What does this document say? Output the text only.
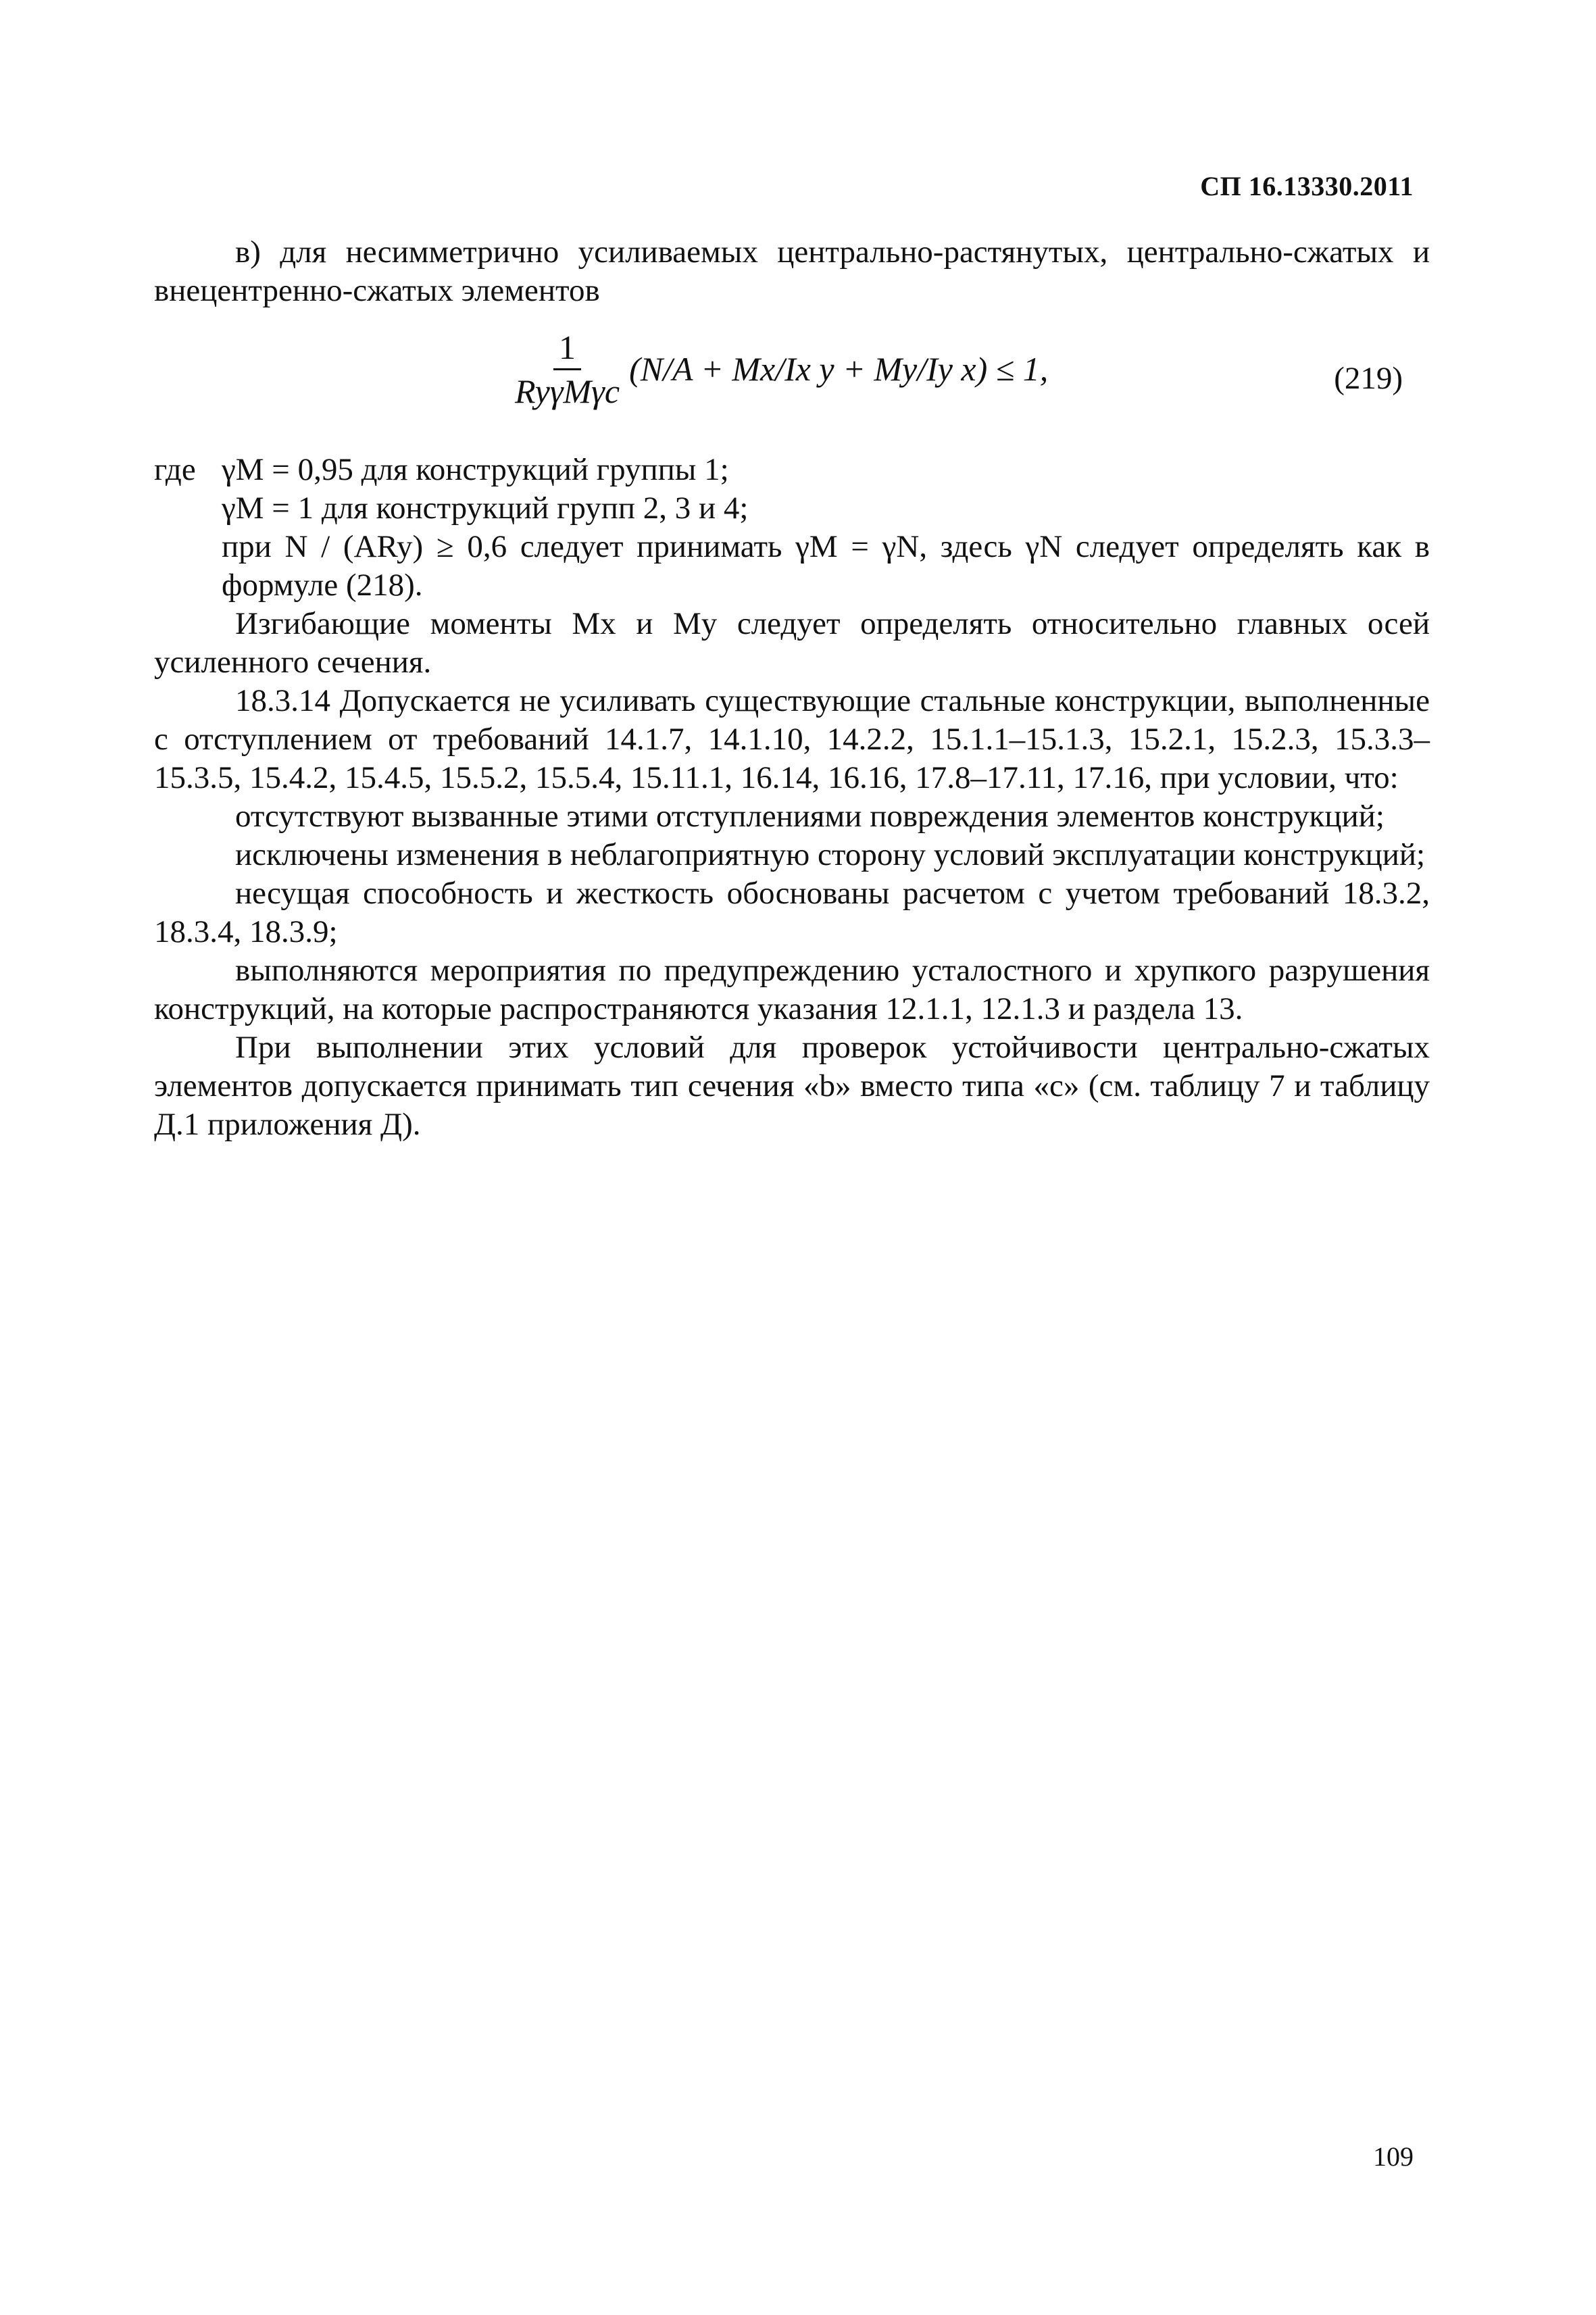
СП 16.13330.2011

в) для несимметрично усиливаемых центрально-растянутых, центрально-сжатых и внецентренно-сжатых элементов

$\frac{1}{\text{RyγMγc}} (N/A + Mx/Ix$ y + My/Iy x) ≤ 1,	(219)

где γM = 0,95 для конструкций группы 1;

γM = 1 для конструкций групп 2, 3 и 4;

при N / (ARy) ≥ 0,6 следует принимать γM = γN, здесь γN следует определять как в формуле (218).

Изгибающие моменты Mx и My следует определять относительно главных осей усиленного сечения.

18.3.14 Допускается не усиливать существующие стальные конструкции, выполненные с отступлением от требований 14.1.7, 14.1.10, 14.2.2, 15.1.1–15.1.3, 15.2.1, 15.2.3, 15.3.3–15.3.5, 15.4.2, 15.4.5, 15.5.2, 15.5.4, 15.11.1, 16.14, 16.16, 17.8–17.11, 17.16, при условии, что:

отсутствуют вызванные этими отступлениями повреждения элементов конструкций;

исключены изменения в неблагоприятную сторону условий эксплуатации конструкций;

несущая способность и жесткость обоснованы расчетом с учетом требований 18.3.2, 18.3.4, 18.3.9;

выполняются мероприятия по предупреждению усталостного и хрупкого разрушения конструкций, на которые распространяются указания 12.1.1, 12.1.3 и раздела 13.

При выполнении этих условий для проверок устойчивости центрально-сжатых элементов допускается принимать тип сечения «b» вместо типа «c» (см. таблицу 7 и таблицу Д.1 приложения Д).

109
